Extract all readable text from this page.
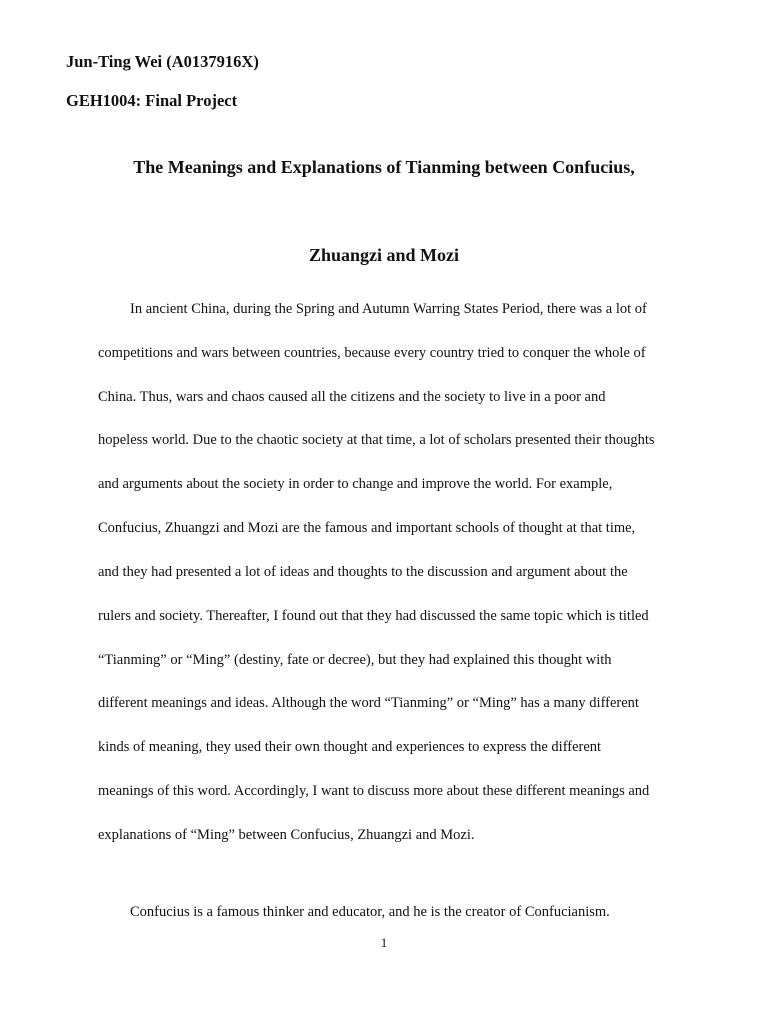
Jun-Ting Wei (A0137916X)
GEH1004: Final Project
The Meanings and Explanations of Tianming between Confucius,
Zhuangzi and Mozi
In ancient China, during the Spring and Autumn Warring States Period, there was a lot of
competitions and wars between countries, because every country tried to conquer the whole of
China. Thus, wars and chaos caused all the citizens and the society to live in a poor and
hopeless world. Due to the chaotic society at that time, a lot of scholars presented their thoughts
and arguments about the society in order to change and improve the world. For example,
Confucius, Zhuangzi and Mozi are the famous and important schools of thought at that time,
and they had presented a lot of ideas and thoughts to the discussion and argument about the
rulers and society. Thereafter, I found out that they had discussed the same topic which is titled
“Tianming” or “Ming” (destiny, fate or decree), but they had explained this thought with
different meanings and ideas. Although the word “Tianming” or “Ming” has a many different
kinds of meaning, they used their own thought and experiences to express the different
meanings of this word. Accordingly, I want to discuss more about these different meanings and
explanations of “Ming” between Confucius, Zhuangzi and Mozi.
Confucius is a famous thinker and educator, and he is the creator of Confucianism.
1
